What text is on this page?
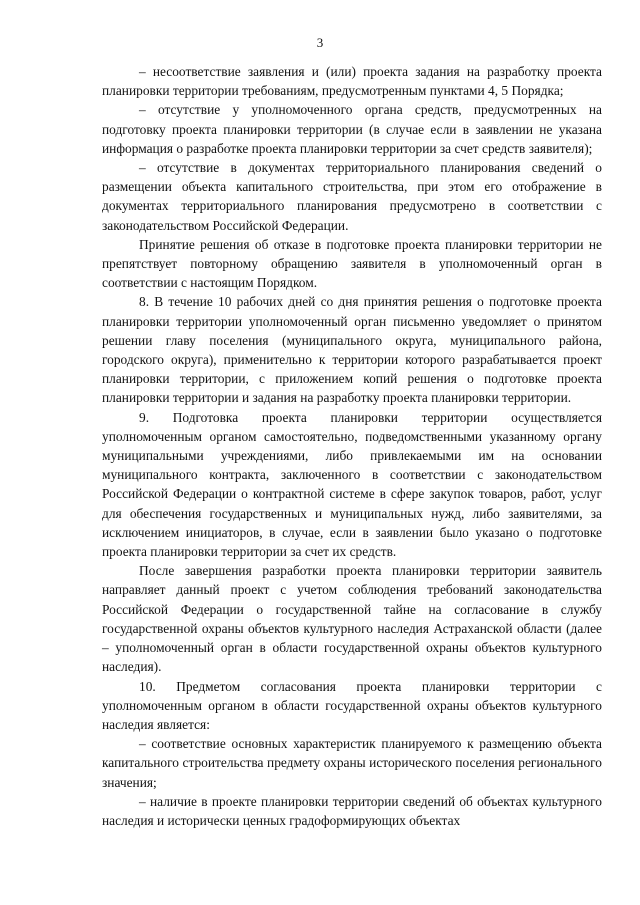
3

– несоответствие заявления и (или) проекта задания на разработку проекта планировки территории требованиям, предусмотренным пунктами 4, 5 Порядка;

– отсутствие у уполномоченного органа средств, предусмотренных на подготовку проекта планировки территории (в случае если в заявлении не указана информация о разработке проекта планировки территории за счет средств заявителя);

– отсутствие в документах территориального планирования сведений о размещении объекта капитального строительства, при этом его отображение в документах территориального планирования предусмотрено в соответствии с законодательством Российской Федерации.

Принятие решения об отказе в подготовке проекта планировки территории не препятствует повторному обращению заявителя в уполномоченный орган в соответствии с настоящим Порядком.

8. В течение 10 рабочих дней со дня принятия решения о подготовке проекта планировки территории уполномоченный орган письменно уведомляет о принятом решении главу поселения (муниципального округа, муниципального района, городского округа), применительно к территории которого разрабатывается проект планировки территории, с приложением копий решения о подготовке проекта планировки территории и задания на разработку проекта планировки территории.

9. Подготовка проекта планировки территории осуществляется уполномоченным органом самостоятельно, подведомственными указанному органу муниципальными учреждениями, либо привлекаемыми им на основании муниципального контракта, заключенного в соответствии с законодательством Российской Федерации о контрактной системе в сфере закупок товаров, работ, услуг для обеспечения государственных и муниципальных нужд, либо заявителями, за исключением инициаторов, в случае, если в заявлении было указано о подготовке проекта планировки территории за счет их средств.

После завершения разработки проекта планировки территории заявитель направляет данный проект с учетом соблюдения требований законодательства Российской Федерации о государственной тайне на согласование в службу государственной охраны объектов культурного наследия Астраханской области (далее – уполномоченный орган в области государственной охраны объектов культурного наследия).

10. Предметом согласования проекта планировки территории с уполномоченным органом в области государственной охраны объектов культурного наследия является:

– соответствие основных характеристик планируемого к размещению объекта капитального строительства предмету охраны исторического поселения регионального значения;

– наличие в проекте планировки территории сведений об объектах культурного наследия и исторически ценных градоформирующих объектах
